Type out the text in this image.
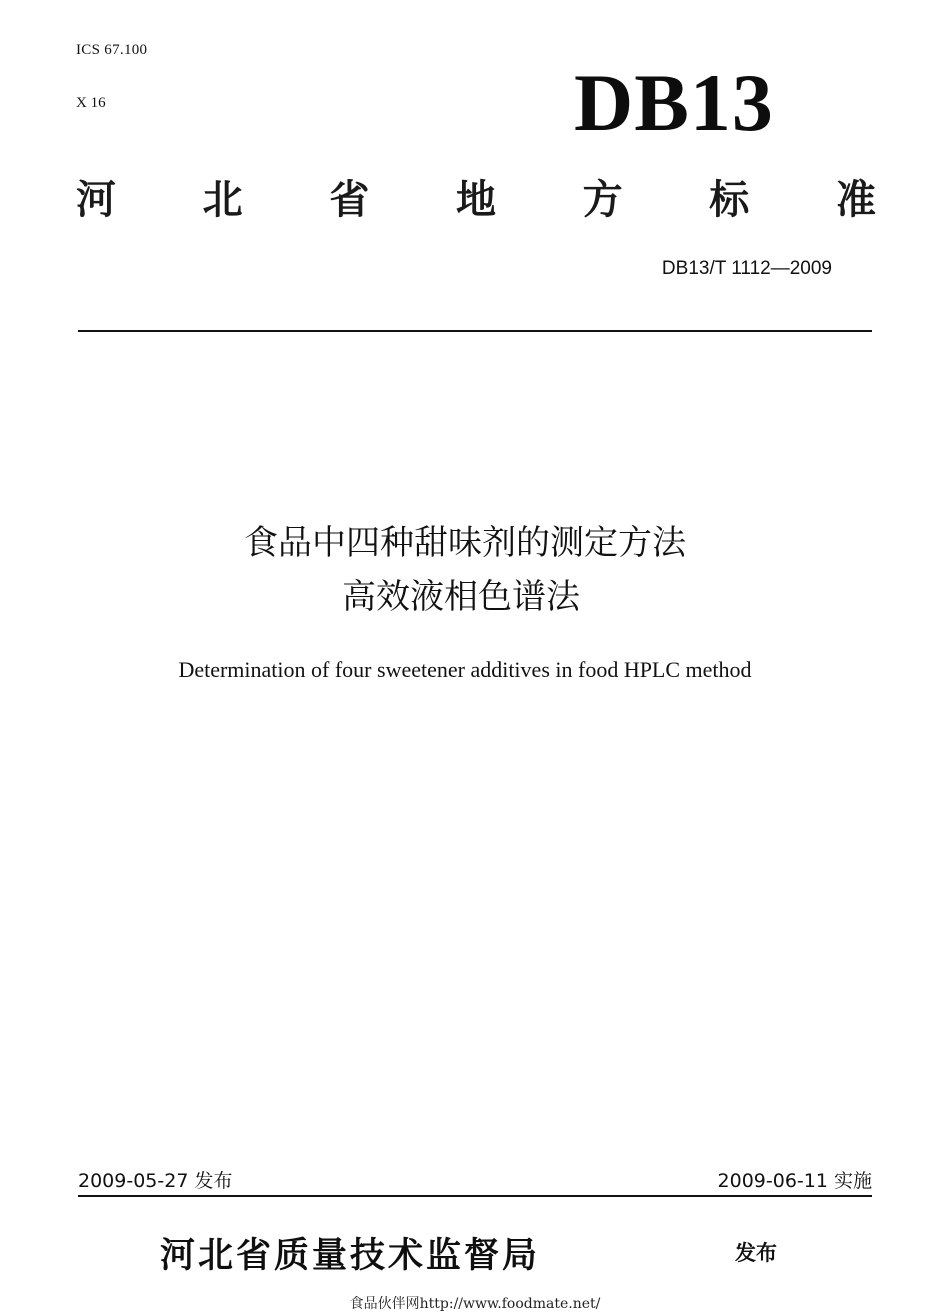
ICS 67.100
X 16	DB13
河 北 省 地 方 标 准
DB13/T 1112—2009
食品中四种甜味剂的测定方法
高效液相色谱法
Determination of four sweetener additives in food HPLC method
2009-05-27 发布	2009-06-11 实施
河北省质量技术监督局	发布
食品伙伴网http://www.foodmate.net/
